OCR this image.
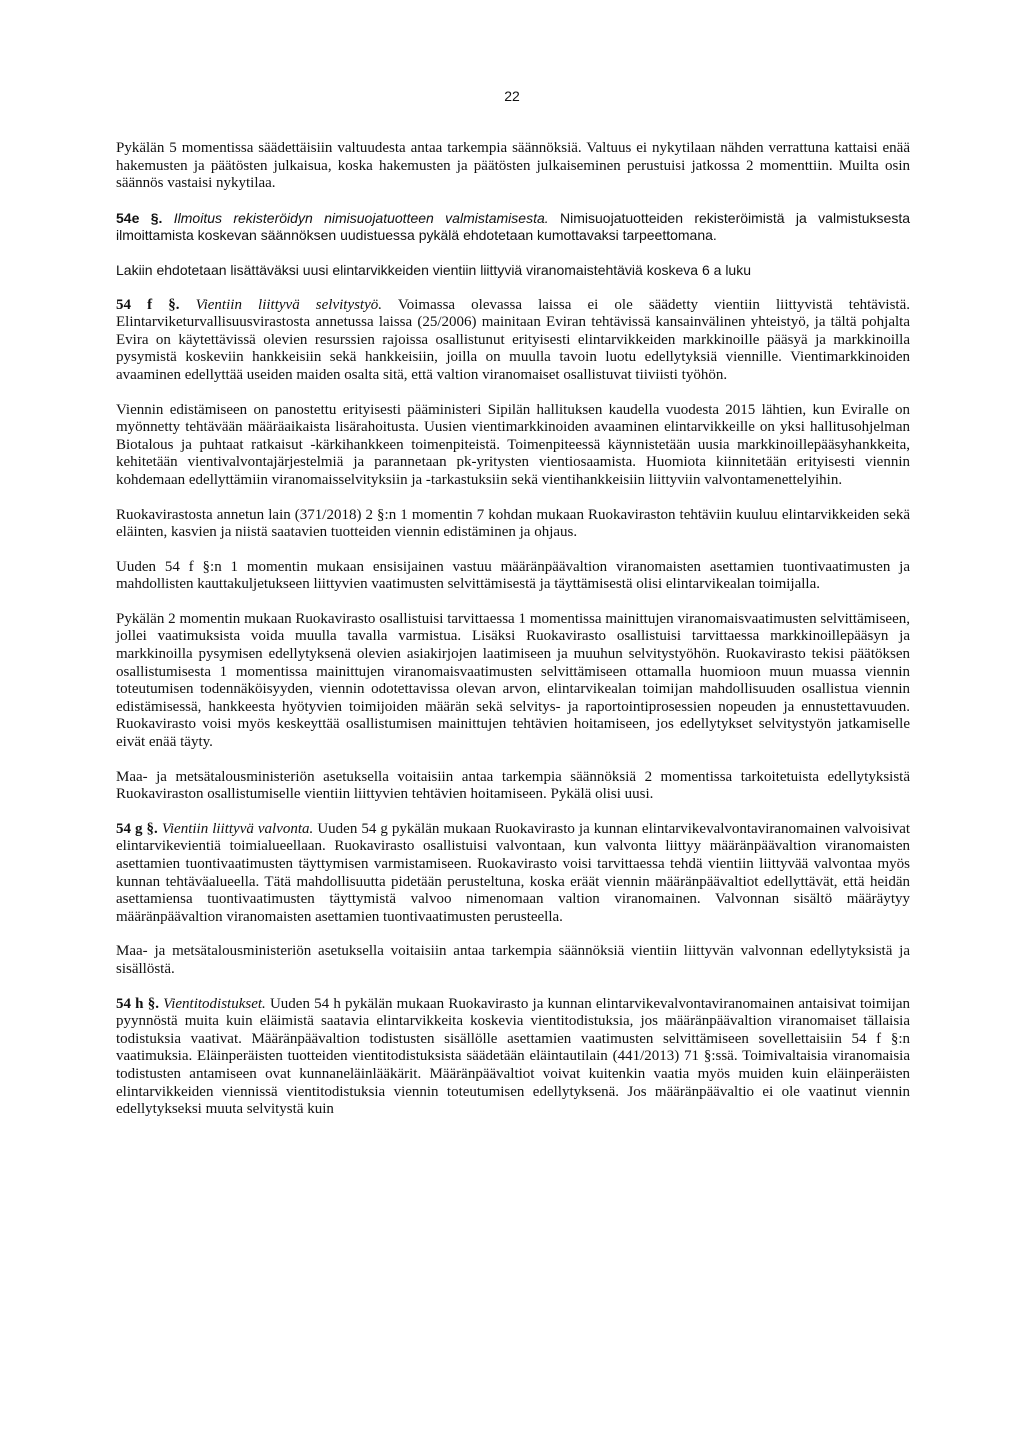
22

Pykälän 5 momentissa säädettäisiin valtuudesta antaa tarkempia säännöksiä. Valtuus ei nykytilaan nähden verrattuna kattaisi enää hakemusten ja päätösten julkaisua, koska hakemusten ja päätösten julkaiseminen perustuisi jatkossa 2 momenttiin. Muilta osin säännös vastaisi nykytilaa.

54e §. Ilmoitus rekisteröidyn nimisuojatuotteen valmistamisesta. Nimisuojatuotteiden rekisteröimistä ja valmistuksesta ilmoittamista koskevan säännöksen uudistuessa pykälä ehdotetaan kumottavaksi tarpeettomana.

Lakiin ehdotetaan lisättäväksi uusi elintarvikkeiden vientiin liittyviä viranomaistehtäviä koskeva 6 a luku

54 f §. Vientiin liittyvä selvitystyö. Voimassa olevassa laissa ei ole säädetty vientiin liittyvistä tehtävistä. Elintarviketurvallisuusvirastosta annetussa laissa (25/2006) mainitaan Eviran tehtävissä kansainvälinen yhteistyö, ja tältä pohjalta Evira on käytettävissä olevien resurssien rajoissa osallistunut erityisesti elintarvikkeiden markkinoille pääsyä ja markkinoilla pysymistä koskeviin hankkeisiin sekä hankkeisiin, joilla on muulla tavoin luotu edellytyksiä viennille. Vientimarkkinoiden avaaminen edellyttää useiden maiden osalta sitä, että valtion viranomaiset osallistuvat tiiviisti työhön.

Viennin edistämiseen on panostettu erityisesti pääministeri Sipilän hallituksen kaudella vuodesta 2015 lähtien, kun Eviralle on myönnetty tehtävään määräaikaista lisärahoitusta. Uusien vientimarkkinoiden avaaminen elintarvikkeille on yksi hallitusohjelman Biotalous ja puhtaat ratkaisut -kärkihankkeen toimenpiteistä. Toimenpiteessä käynnistetään uusia markkinoillepääsyhankkeita, kehitetään vientivalvontajärjestelmiä ja parannetaan pk-yritysten vientiosaamista. Huomiota kiinnitetään erityisesti viennin kohdemaan edellyttämiin viranomaisselvityksiin ja -tarkastuksiin sekä vientihankkeisiin liittyviin valvontamenettelyihin.

Ruokavirastosta annetun lain (371/2018) 2 §:n 1 momentin 7 kohdan mukaan Ruokaviraston tehtäviin kuuluu elintarvikkeiden sekä eläinten, kasvien ja niistä saatavien tuotteiden viennin edistäminen ja ohjaus.

Uuden 54 f §:n 1 momentin mukaan ensisijainen vastuu määränpäävaltion viranomaisten asettamien tuontivaatimusten ja mahdollisten kauttakuljetukseen liittyvien vaatimusten selvittämisestä ja täyttämisestä olisi elintarvikealan toimijalla.

Pykälän 2 momentin mukaan Ruokavirasto osallistuisi tarvittaessa 1 momentissa mainittujen viranomaisvaatimusten selvittämiseen, jollei vaatimuksista voida muulla tavalla varmistua. Lisäksi Ruokavirasto osallistuisi tarvittaessa markkinoillepääsyn ja markkinoilla pysymisen edellytyksenä olevien asiakirjojen laatimiseen ja muuhun selvitystyöhön. Ruokavirasto tekisi päätöksen osallistumisesta 1 momentissa mainittujen viranomaisvaatimusten selvittämiseen ottamalla huomioon muun muassa viennin toteutumisen todennäköisyyden, viennin odotettavissa olevan arvon, elintarvikealan toimijan mahdollisuuden osallistua viennin edistämisessä, hankkeesta hyötyvien toimijoiden määrän sekä selvitys- ja raportointiprosessien nopeuden ja ennustettavuuden. Ruokavirasto voisi myös keskeyttää osallistumisen mainittujen tehtävien hoitamiseen, jos edellytykset selvitystyön jatkamiselle eivät enää täyty.

Maa- ja metsätalousministeriön asetuksella voitaisiin antaa tarkempia säännöksiä 2 momentissa tarkoitetuista edellytyksistä Ruokaviraston osallistumiselle vientiin liittyvien tehtävien hoitamiseen. Pykälä olisi uusi.

54 g §. Vientiin liittyvä valvonta. Uuden 54 g pykälän mukaan Ruokavirasto ja kunnan elintarvikevalvontaviranomainen valvoisivat elintarvikevientiä toimialueellaan. Ruokavirasto osallistuisi valvontaan, kun valvonta liittyy määränpäävaltion viranomaisten asettamien tuontivaatimusten täyttymisen varmistamiseen. Ruokavirasto voisi tarvittaessa tehdä vientiin liittyvää valvontaa myös kunnan tehtäväalueella. Tätä mahdollisuutta pidetään perusteltuna, koska eräät viennin määränpäävaltiot edellyttävät, että heidän asettamiensa tuontivaatimusten täyttymistä valvoo nimenomaan valtion viranomainen. Valvonnan sisältö määräytyy määränpäävaltion viranomaisten asettamien tuontivaatimusten perusteella.

Maa- ja metsätalousministeriön asetuksella voitaisiin antaa tarkempia säännöksiä vientiin liittyvän valvonnan edellytyksistä ja sisällöstä.

54 h §. Vientitodistukset. Uuden 54 h pykälän mukaan Ruokavirasto ja kunnan elintarvikevalvontaviranomainen antaisivat toimijan pyynnöstä muita kuin eläimistä saatavia elintarvikkeita koskevia vientitodistuksia, jos määränpäävaltion viranomaiset tällaisia todistuksia vaativat. Määränpäävaltion todistusten sisällölle asettamien vaatimusten selvittämiseen sovellettaisiin 54 f §:n vaatimuksia. Eläinperäisten tuotteiden vientitodistuksista säädetään eläintautilain (441/2013) 71 §:ssä. Toimivaltaisia viranomaisia todistusten antamiseen ovat kunnaneläinlääkärit. Määränpäävaltiot voivat kuitenkin vaatia myös muiden kuin eläinperäisten elintarvikkeiden viennissä vientitodistuksia viennin toteutumisen edellytyksenä. Jos määränpäävaltio ei ole vaatinut viennin edellytykseksi muuta selvitystä kuin
